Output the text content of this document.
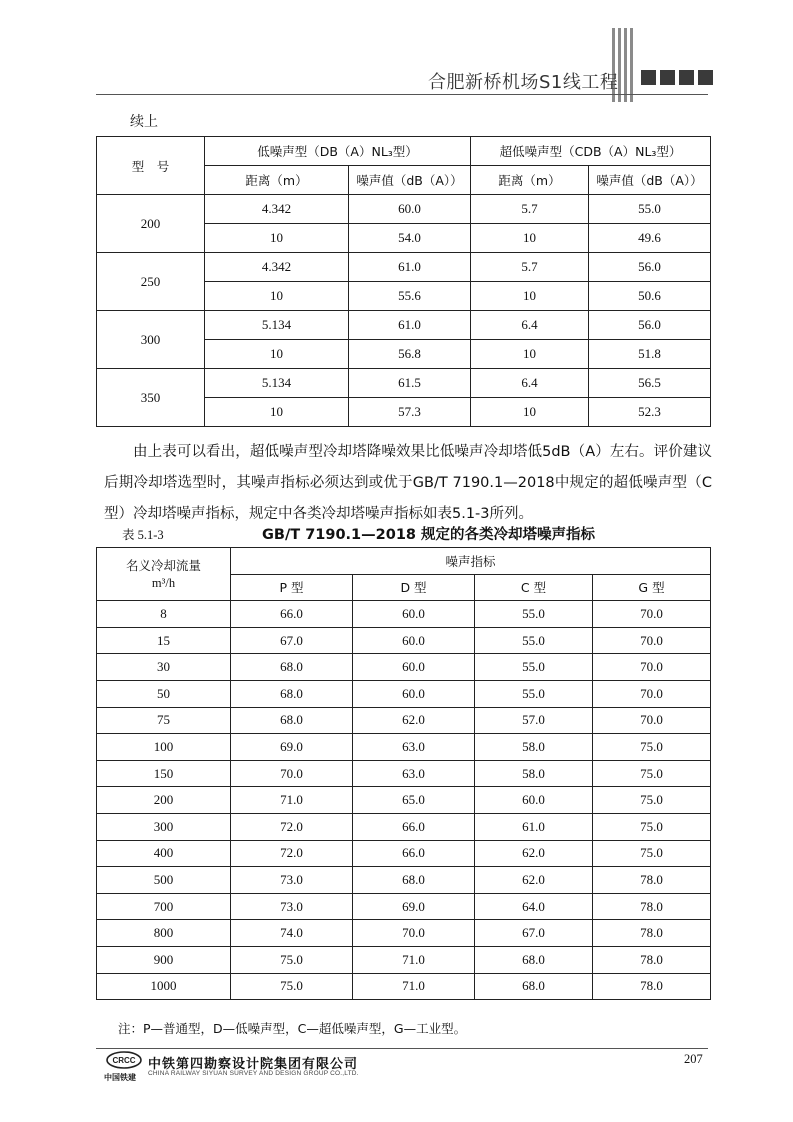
合肥新桥机场S1线工程
续上
型　号	低噪声型（DB（A）NL₃型）		超低噪声型（CDB（A）NL₃型）	
	距离（m）	噪声值（dB（A））	距离（m）	噪声值（dB（A））
200	4.342	60.0	5.7	55.0
	10	54.0	10	49.6
250	4.342	61.0	5.7	56.0
	10	55.6	10	50.6
300	5.134	61.0	6.4	56.0
	10	56.8	10	51.8
350	5.134	61.5	6.4	56.5
	10	57.3	10	52.3

由上表可以看出，超低噪声型冷却塔降噪效果比低噪声冷却塔低5dB（A）左右。评价建议后期冷却塔选型时，其噪声指标必须达到或优于GB/T 7190.1—2018中规定的超低噪声型（C型）冷却塔噪声指标，规定中各类冷却塔噪声指标如表5.1-3所列。

表 5.1-3	GB/T 7190.1—2018 规定的各类冷却塔噪声指标
名义冷却流量
m³/h	噪声指标			
	P 型	D 型	C 型	G 型
8	66.0	60.0	55.0	70.0
15	67.0	60.0	55.0	70.0
30	68.0	60.0	55.0	70.0
50	68.0	60.0	55.0	70.0
75	68.0	62.0	57.0	70.0
100	69.0	63.0	58.0	75.0
150	70.0	63.0	58.0	75.0
200	71.0	65.0	60.0	75.0
300	72.0	66.0	61.0	75.0
400	72.0	66.0	62.0	75.0
500	73.0	68.0	62.0	78.0
700	73.0	69.0	64.0	78.0
800	74.0	70.0	67.0	78.0
900	75.0	71.0	68.0	78.0
1000	75.0	71.0	68.0	78.0
注：P—普通型，D—低噪声型，C—超低噪声型，G—工业型。
CRCC
中国铁建
中铁第四勘察设计院集团有限公司
CHINA RAILWAY SIYUAN SURVEY AND DESIGN GROUP CO.,LTD.
207
